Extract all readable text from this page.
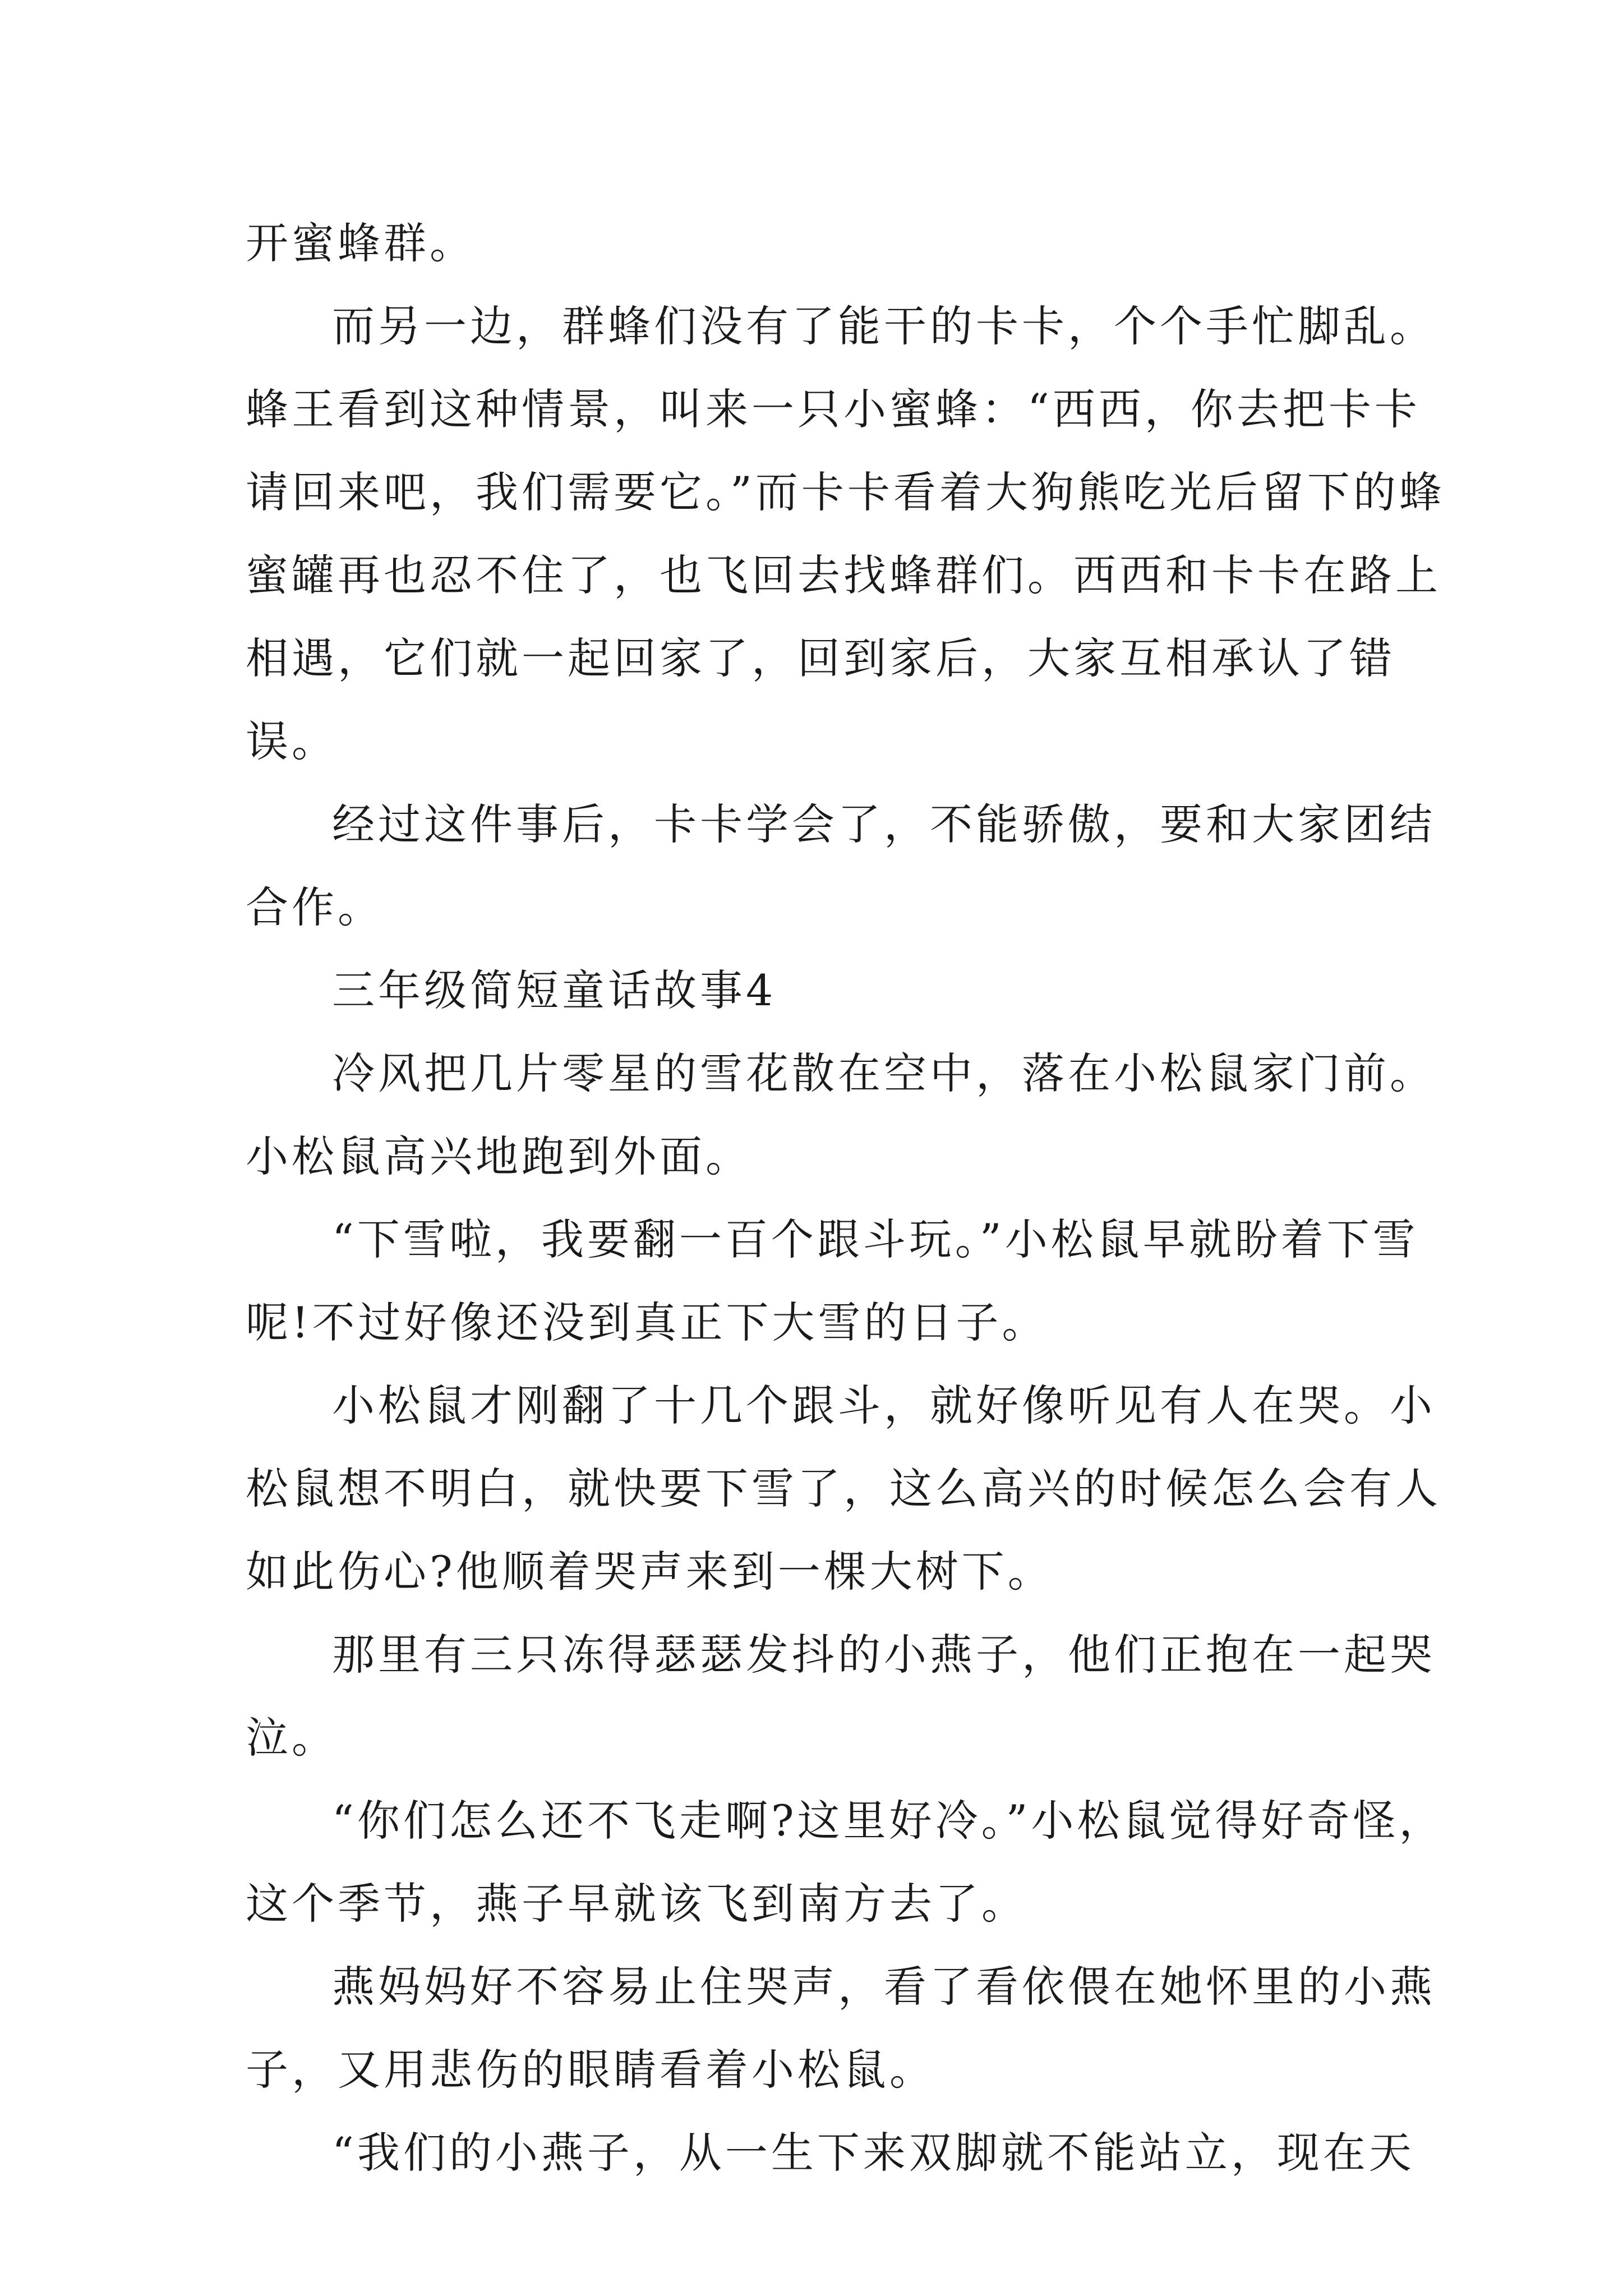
开蜜蜂群。

而另一边，群蜂们没有了能干的卡卡，个个手忙脚乱。蜂王看到这种情景，叫来一只小蜜蜂：“西西，你去把卡卡请回来吧，我们需要它。”而卡卡看着大狗熊吃光后留下的蜂蜜罐再也忍不住了，也飞回去找蜂群们。西西和卡卡在路上相遇，它们就一起回家了，回到家后，大家互相承认了错误。

经过这件事后，卡卡学会了，不能骄傲，要和大家团结合作。

三年级简短童话故事4

冷风把几片零星的雪花散在空中，落在小松鼠家门前。小松鼠高兴地跑到外面。

“下雪啦，我要翻一百个跟斗玩。”小松鼠早就盼着下雪呢!不过好像还没到真正下大雪的日子。

小松鼠才刚翻了十几个跟斗，就好像听见有人在哭。小松鼠想不明白，就快要下雪了，这么高兴的时候怎么会有人如此伤心?他顺着哭声来到一棵大树下。

那里有三只冻得瑟瑟发抖的小燕子，他们正抱在一起哭泣。

“你们怎么还不飞走啊?这里好冷。”小松鼠觉得好奇怪，这个季节，燕子早就该飞到南方去了。

燕妈妈好不容易止住哭声，看了看依偎在她怀里的小燕子，又用悲伤的眼睛看着小松鼠。

“我们的小燕子，从一生下来双脚就不能站立，现在天
